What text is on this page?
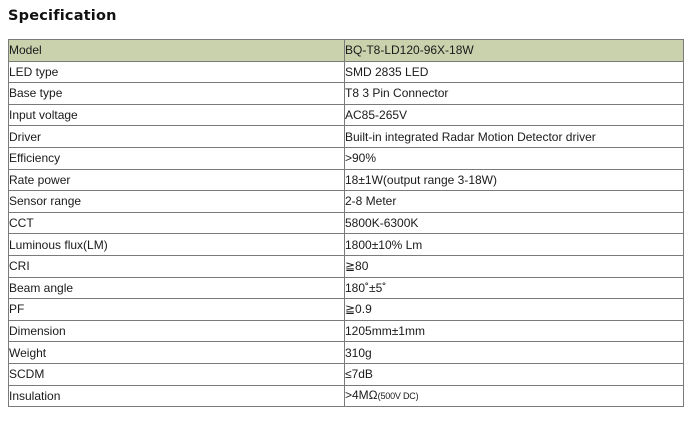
Specification
Model	BQ-T8-LD120-96X-18W
LED type	SMD 2835 LED
Base type	T8 3 Pin Connector
Input voltage	AC85-265V
Driver	Built-in integrated Radar Motion Detector driver
Efficiency	>90%
Rate power	18±1W(output range 3-18W)
Sensor range	2-8 Meter
CCT	5800K-6300K
Luminous flux(LM)	1800±10% Lm
CRI	≧80
Beam angle	180˚±5˚
PF	≧0.9
Dimension	1205mm±1mm
Weight	310g
SCDM	≤7dB
Insulation	>4MΩ(500V DC)
